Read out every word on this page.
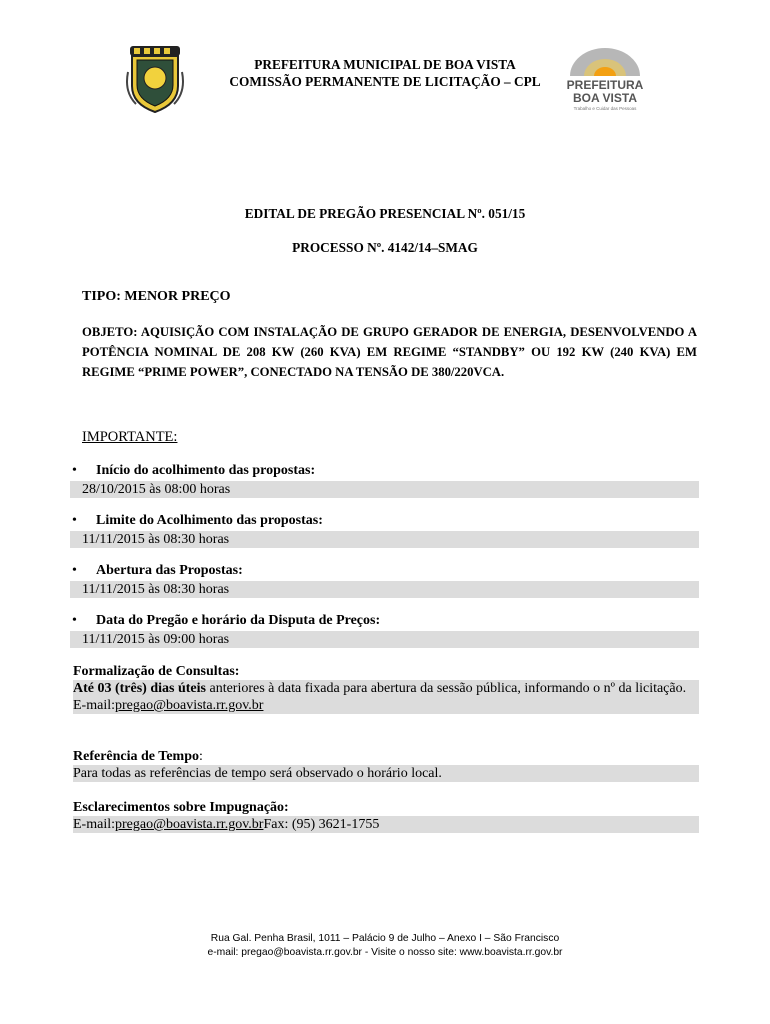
PREFEITURA MUNICIPAL DE BOA VISTA
COMISSÃO PERMANENTE DE LICITAÇÃO – CPL	PREFEITURA
BOA VISTA
Trabalho e Cuidar das Pessoas
EDITAL DE PREGÃO PRESENCIAL Nº. 051/15
PROCESSO Nº. 4142/14–SMAG
TIPO: MENOR PREÇO
OBJETO: AQUISIÇÃO COM INSTALAÇÃO DE GRUPO GERADOR DE ENERGIA, DESENVOLVENDO A POTÊNCIA NOMINAL DE 208 KW (260 KVA) EM REGIME “STANDBY” OU 192 KW (240 KVA) EM REGIME “PRIME POWER”, CONECTADO NA TENSÃO DE 380/220VCA.
IMPORTANTE:
• Início do acolhimento das propostas:
28/10/2015 às 08:00 horas
• Limite do Acolhimento das propostas:
11/11/2015 às 08:30 horas
• Abertura das Propostas:
11/11/2015 às 08:30 horas
• Data do Pregão e horário da Disputa de Preços:
11/11/2015 às 09:00 horas
Formalização de Consultas:
Até 03 (três) dias úteis anteriores à data fixada para abertura da sessão pública, informando o nº da licitação.
E-mail:pregao@boavista.rr.gov.br
Referência de Tempo:
Para todas as referências de tempo será observado o horário local.
Esclarecimentos sobre Impugnação:
E-mail:pregao@boavista.rr.gov.brFax: (95) 3621-1755
Rua Gal. Penha Brasil, 1011 – Palácio 9 de Julho – Anexo I – São Francisco
e-mail: pregao@boavista.rr.gov.br - Visite o nosso site: www.boavista.rr.gov.br
